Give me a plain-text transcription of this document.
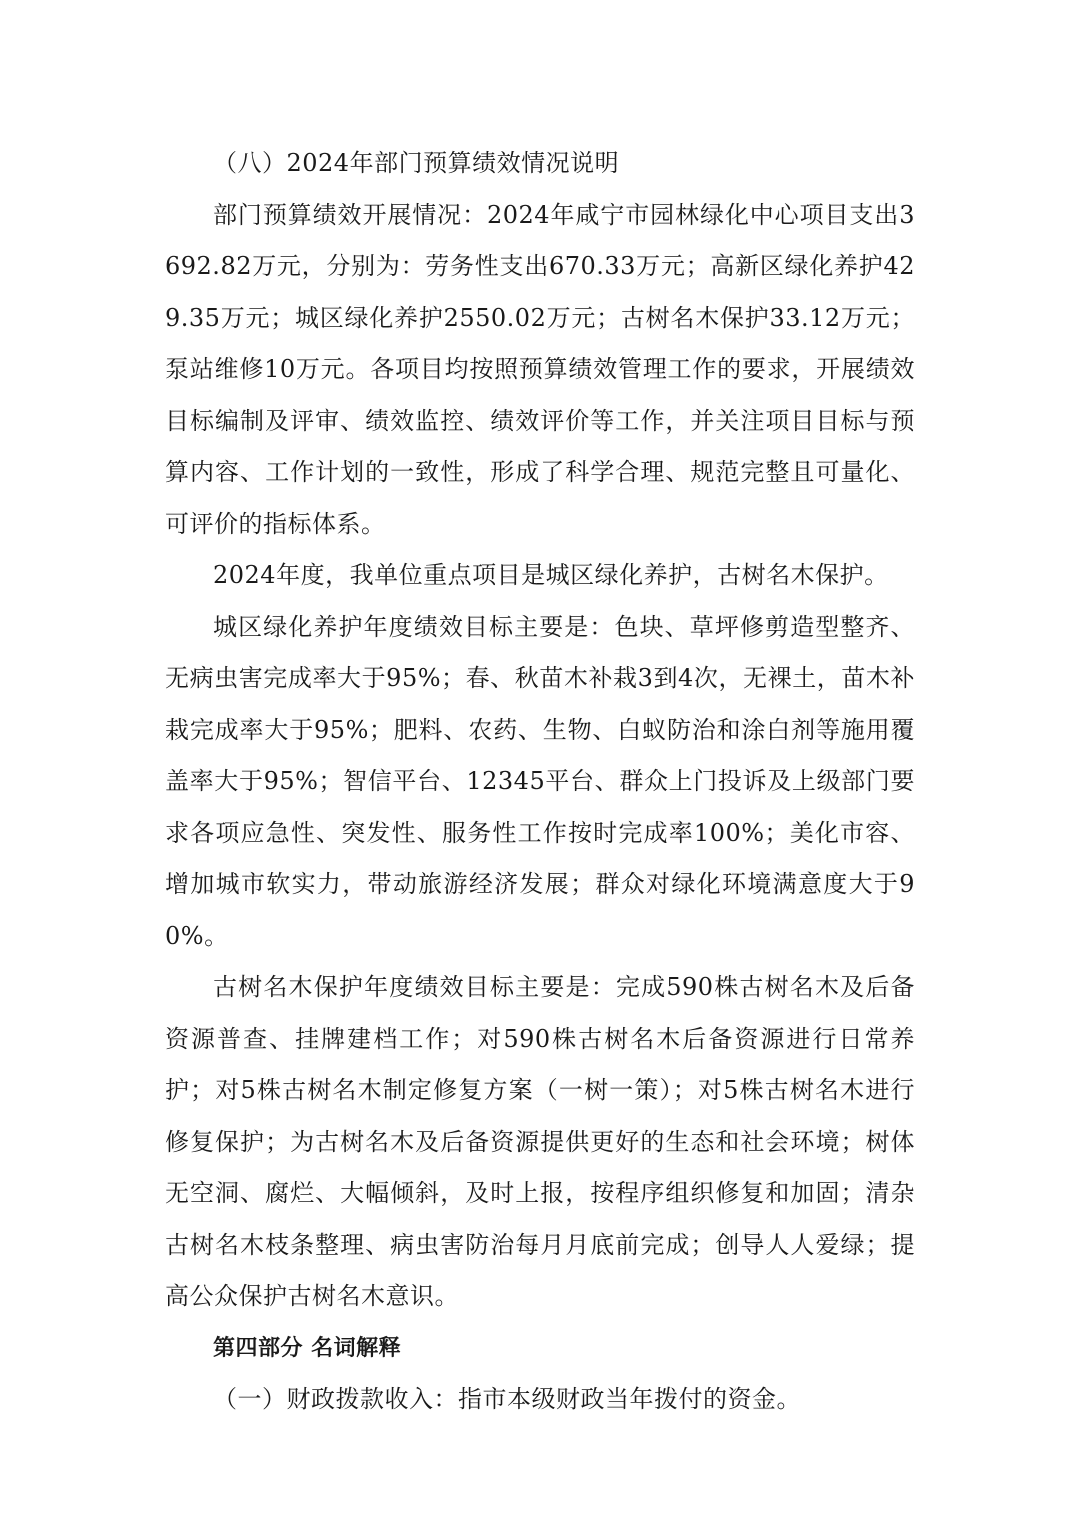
（八）2024年部门预算绩效情况说明

部门预算绩效开展情况：2024年咸宁市园林绿化中心项目支出3692.82万元，分别为：劳务性支出670.33万元；高新区绿化养护429.35万元；城区绿化养护2550.02万元；古树名木保护33.12万元；泵站维修10万元。各项目均按照预算绩效管理工作的要求，开展绩效目标编制及评审、绩效监控、绩效评价等工作，并关注项目目标与预算内容、工作计划的一致性，形成了科学合理、规范完整且可量化、可评价的指标体系。

2024年度，我单位重点项目是城区绿化养护，古树名木保护。

城区绿化养护年度绩效目标主要是：色块、草坪修剪造型整齐、无病虫害完成率大于95%；春、秋苗木补栽3到4次，无裸土，苗木补栽完成率大于95%；肥料、农药、生物、白蚁防治和涂白剂等施用覆盖率大于95%；智信平台、12345平台、群众上门投诉及上级部门要求各项应急性、突发性、服务性工作按时完成率100%；美化市容、增加城市软实力，带动旅游经济发展；群众对绿化环境满意度大于90%。

古树名木保护年度绩效目标主要是：完成590株古树名木及后备资源普查、挂牌建档工作；对590株古树名木后备资源进行日常养护；对5株古树名木制定修复方案（一树一策）；对5株古树名木进行修复保护；为古树名木及后备资源提供更好的生态和社会环境；树体无空洞、腐烂、大幅倾斜，及时上报，按程序组织修复和加固；清杂古树名木枝条整理、病虫害防治每月月底前完成；创导人人爱绿；提高公众保护古树名木意识。

第四部分 名词解释

（一）财政拨款收入：指市本级财政当年拨付的资金。
